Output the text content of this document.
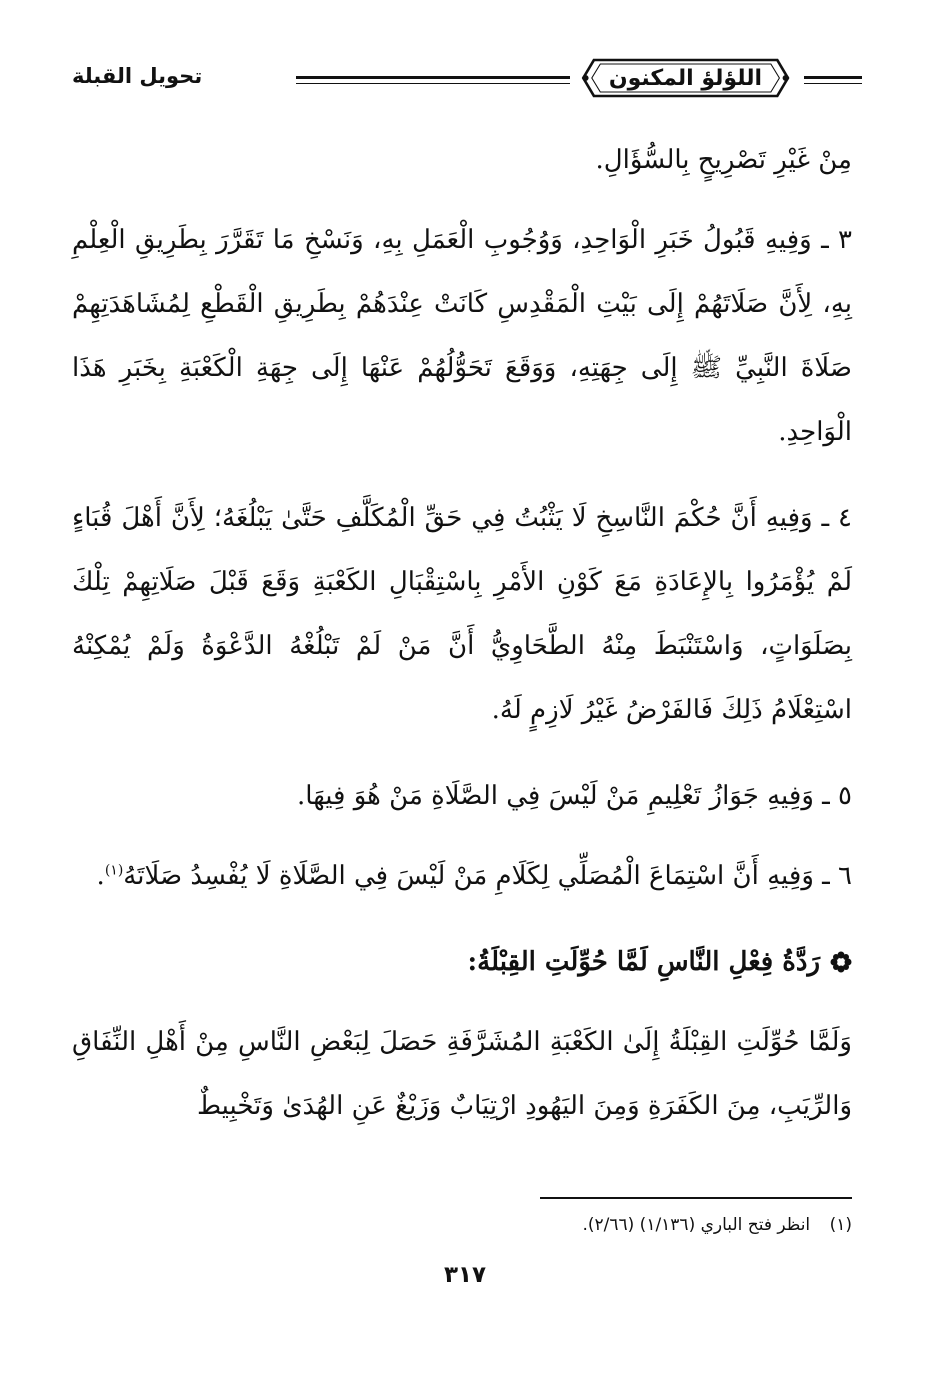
اللؤلؤ المكنون
تحويل القبلة

مِنْ غَيْرِ تَصْرِيحٍ بِالسُّؤَالِ.

٣ ـ وَفِيهِ قَبُولُ خَبَرِ الْوَاحِدِ، وَوُجُوبِ الْعَمَلِ بِهِ، وَنَسْخِ مَا تَقَرَّرَ بِطَرِيقِ الْعِلْمِ بِهِ، لِأَنَّ صَلَاتَهُمْ إِلَى بَيْتِ الْمَقْدِسِ كَانَتْ عِنْدَهُمْ بِطَرِيقِ الْقَطْعِ لِمُشَاهَدَتِهِمْ صَلَاةَ النَّبِيِّ ﷺ إِلَى جِهَتِهِ، وَوَقَعَ تَحَوُّلُهُمْ عَنْهَا إِلَى جِهَةِ الْكَعْبَةِ بِخَبَرِ هَذَا الْوَاحِدِ.

٤ ـ وَفِيهِ أَنَّ حُكْمَ النَّاسِخِ لَا يَثْبُتُ فِي حَقِّ الْمُكَلَّفِ حَتَّىٰ يَبْلُغَهُ؛ لِأَنَّ أَهْلَ قُبَاءٍ لَمْ يُؤْمَرُوا بِالإِعَادَةِ مَعَ كَوْنِ الأَمْرِ بِاسْتِقْبَالِ الكَعْبَةِ وَقَعَ قَبْلَ صَلَاتِهِمْ تِلْكَ بِصَلَوَاتٍ، وَاسْتَنْبَطَ مِنْهُ الطَّحَاوِيُّ أَنَّ مَنْ لَمْ تَبْلُغْهُ الدَّعْوَةُ وَلَمْ يُمْكِنْهُ اسْتِعْلَامُ ذَلِكَ فَالفَرْضُ غَيْرُ لَازِمٍ لَهُ.

٥ ـ وَفِيهِ جَوَازُ تَعْلِيمِ مَنْ لَيْسَ فِي الصَّلَاةِ مَنْ هُوَ فِيهَا.

٦ ـ وَفِيهِ أَنَّ اسْتِمَاعَ الْمُصَلِّي لِكَلَامِ مَنْ لَيْسَ فِي الصَّلَاةِ لَا يُفْسِدُ صَلَاتَهُ$^{(١)}$.

رَدَّةُ فِعْلِ النَّاسِ لَمَّا حُوِّلَتِ القِبْلَةُ:

وَلَمَّا حُوِّلَتِ القِبْلَةُ إِلَىٰ الكَعْبَةِ المُشَرَّفَةِ حَصَلَ لِبَعْضِ النَّاسِ مِنْ أَهْلِ النِّفَاقِ وَالرِّيَبِ، مِنَ الكَفَرَةِ وَمِنَ اليَهُودِ ارْتِيَابٌ وَزَيْغٌ عَنِ الهُدَىٰ وَتَخْبِيطٌ

(١) انظر فتح الباري (١/١٣٦) (٢/٦٦).
٣١٧
